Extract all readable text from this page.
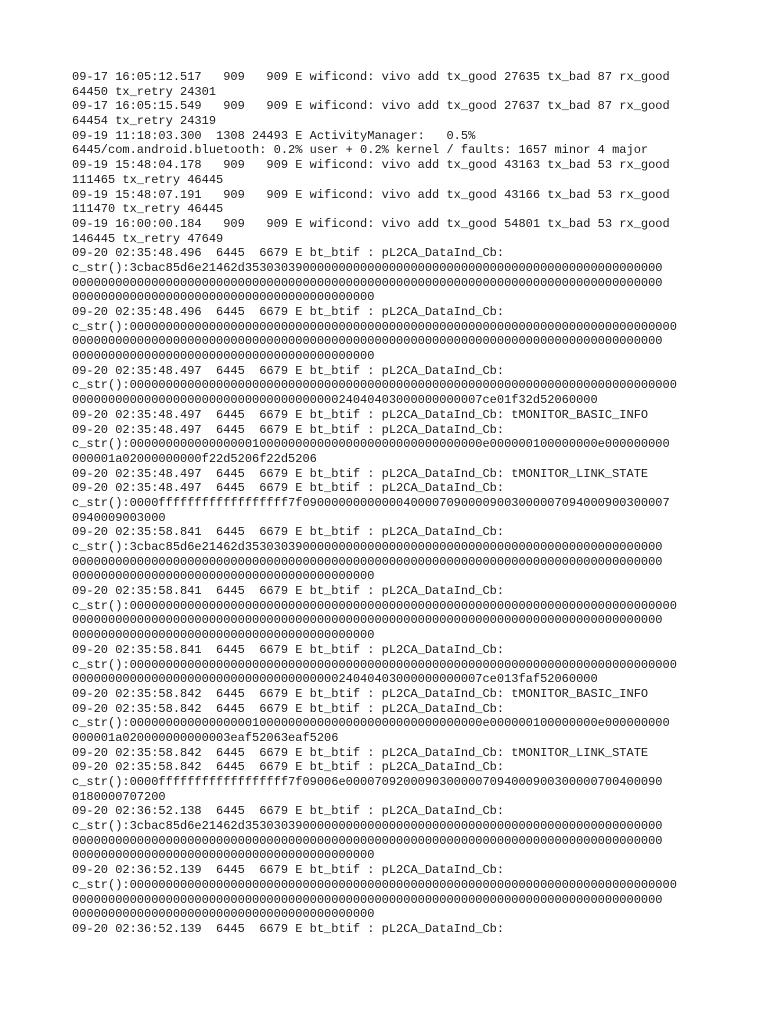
09-17 16:05:12.517   909   909 E wificond: vivo add tx_good 27635 tx_bad 87 rx_good
64450 tx_retry 24301
09-17 16:05:15.549   909   909 E wificond: vivo add tx_good 27637 tx_bad 87 rx_good
64454 tx_retry 24319
09-19 11:18:03.300  1308 24493 E ActivityManager:   0.5%
6445/com.android.bluetooth: 0.2% user + 0.2% kernel / faults: 1657 minor 4 major
09-19 15:48:04.178   909   909 E wificond: vivo add tx_good 43163 tx_bad 53 rx_good
111465 tx_retry 46445
09-19 15:48:07.191   909   909 E wificond: vivo add tx_good 43166 tx_bad 53 rx_good
111470 tx_retry 46445
09-19 16:00:00.184   909   909 E wificond: vivo add tx_good 54801 tx_bad 53 rx_good
146445 tx_retry 47649
09-20 02:35:48.496  6445  6679 E bt_btif : pL2CA_DataInd_Cb:
c_str():3cbac85d6e21462d3530303900000000000000000000000000000000000000000000000000
0000000000000000000000000000000000000000000000000000000000000000000000000000000000
000000000000000000000000000000000000000000
09-20 02:35:48.496  6445  6679 E bt_btif : pL2CA_DataInd_Cb:
c_str():0000000000000000000000000000000000000000000000000000000000000000000000000000
0000000000000000000000000000000000000000000000000000000000000000000000000000000000
000000000000000000000000000000000000000000
09-20 02:35:48.497  6445  6679 E bt_btif : pL2CA_DataInd_Cb:
c_str():0000000000000000000000000000000000000000000000000000000000000000000000000000
000000000000000000000000000000000000024040403000000000007ce01f32d52060000
09-20 02:35:48.497  6445  6679 E bt_btif : pL2CA_DataInd_Cb: tMONITOR_BASIC_INFO
09-20 02:35:48.497  6445  6679 E bt_btif : pL2CA_DataInd_Cb:
c_str():0000000000000000010000000000000000000000000000000e000000100000000e000000000
000001a02000000000f22d5206f22d5206
09-20 02:35:48.497  6445  6679 E bt_btif : pL2CA_DataInd_Cb: tMONITOR_LINK_STATE
09-20 02:35:48.497  6445  6679 E bt_btif : pL2CA_DataInd_Cb:
c_str():0000ffffffffffffffffff7f090000000000004000070900009003000007094000900300007
0940009003000
09-20 02:35:58.841  6445  6679 E bt_btif : pL2CA_DataInd_Cb:
c_str():3cbac85d6e21462d3530303900000000000000000000000000000000000000000000000000
0000000000000000000000000000000000000000000000000000000000000000000000000000000000
000000000000000000000000000000000000000000
09-20 02:35:58.841  6445  6679 E bt_btif : pL2CA_DataInd_Cb:
c_str():0000000000000000000000000000000000000000000000000000000000000000000000000000
0000000000000000000000000000000000000000000000000000000000000000000000000000000000
000000000000000000000000000000000000000000
09-20 02:35:58.841  6445  6679 E bt_btif : pL2CA_DataInd_Cb:
c_str():0000000000000000000000000000000000000000000000000000000000000000000000000000
000000000000000000000000000000000000024040403000000000007ce013faf52060000
09-20 02:35:58.842  6445  6679 E bt_btif : pL2CA_DataInd_Cb: tMONITOR_BASIC_INFO
09-20 02:35:58.842  6445  6679 E bt_btif : pL2CA_DataInd_Cb:
c_str():0000000000000000010000000000000000000000000000000e000000100000000e000000000
000001a020000000000003eaf52063eaf5206
09-20 02:35:58.842  6445  6679 E bt_btif : pL2CA_DataInd_Cb: tMONITOR_LINK_STATE
09-20 02:35:58.842  6445  6679 E bt_btif : pL2CA_DataInd_Cb:
c_str():0000ffffffffffffffffff7f09006e00007092000903000007094000900300000700400090
0180000707200
09-20 02:36:52.138  6445  6679 E bt_btif : pL2CA_DataInd_Cb:
c_str():3cbac85d6e21462d3530303900000000000000000000000000000000000000000000000000
0000000000000000000000000000000000000000000000000000000000000000000000000000000000
000000000000000000000000000000000000000000
09-20 02:36:52.139  6445  6679 E bt_btif : pL2CA_DataInd_Cb:
c_str():0000000000000000000000000000000000000000000000000000000000000000000000000000
0000000000000000000000000000000000000000000000000000000000000000000000000000000000
000000000000000000000000000000000000000000
09-20 02:36:52.139  6445  6679 E bt_btif : pL2CA_DataInd_Cb:
